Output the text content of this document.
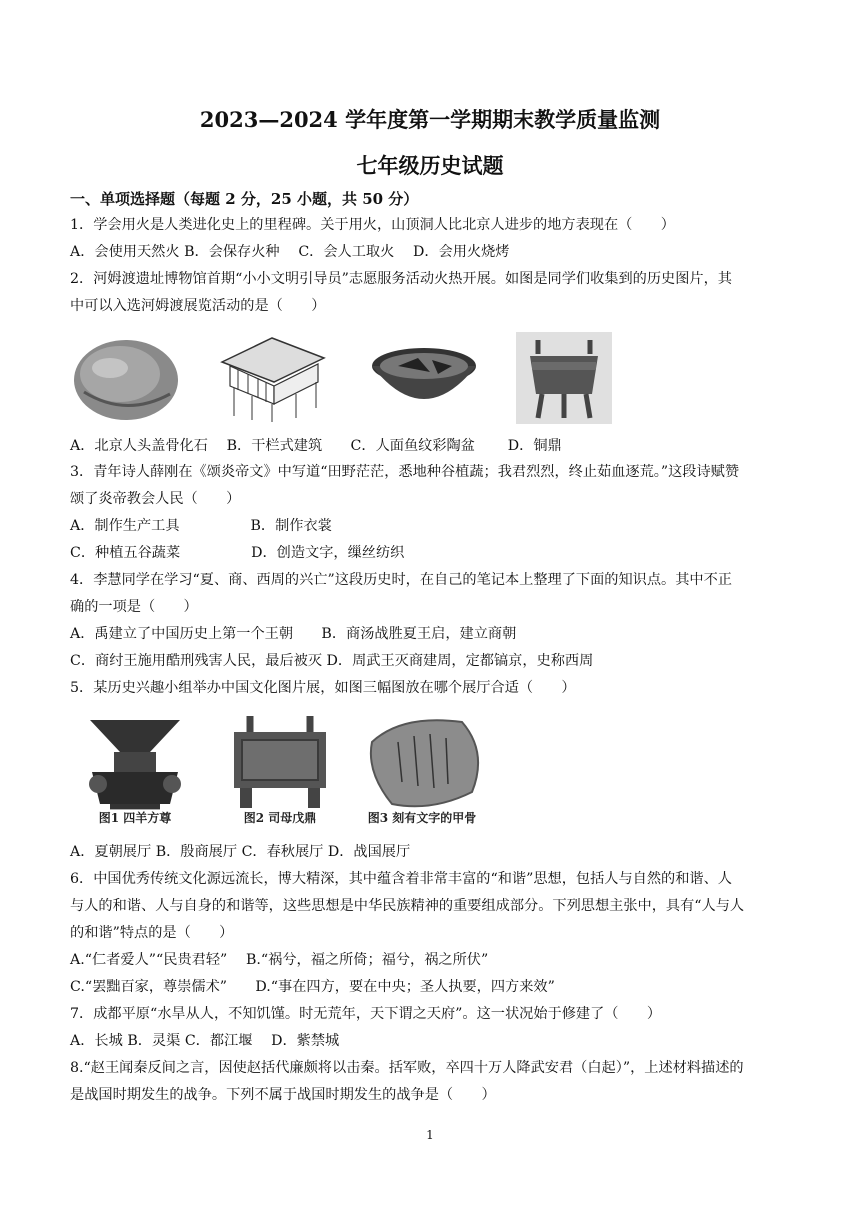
2023—2024 学年度第一学期期末教学质量监测
七年级历史试题
一、单项选择题（每题 2 分，25 小题，共 50 分）
1．学会用火是人类进化史上的里程碑。关于用火，山顶洞人比北京人进步的地方表现在（　　）
A．会使用天然火 B．会保存火种　 C．会人工取火　 D．会用火烧烤
2．河姆渡遗址博物馆首期“小小文明引导员”志愿服务活动火热开展。如图是同学们收集到的历史图片，其
中可以入选河姆渡展览活动的是（　　）
A．北京人头盖骨化石　 B．干栏式建筑　　C．人面鱼纹彩陶盆　　 D．铜鼎
3．青年诗人薛刚在《颂炎帝文》中写道“田野茫茫，悉地种谷植蔬；我君烈烈，终止茹血逐荒。”这段诗赋赞
颂了炎帝教会人民（　　）
A．制作生产工具　　　　　B．制作衣裳
C．种植五谷蔬菜　　　　　D．创造文字，缫丝纺织
4．李慧同学在学习“夏、商、西周的兴亡”这段历史时，在自己的笔记本上整理了下面的知识点。其中不正
确的一项是（　　）
A．禹建立了中国历史上第一个王朝　　B．商汤战胜夏王启，建立商朝
C．商纣王施用酷刑残害人民，最后被灭 D．周武王灭商建周，定都镐京，史称西周
5．某历史兴趣小组举办中国文化图片展，如图三幅图放在哪个展厅合适（　　）
图1 四羊方尊	图2 司母戊鼎	图3 刻有文字的甲骨
A．夏朝展厅 B．殷商展厅 C．春秋展厅 D．战国展厅
6．中国优秀传统文化源远流长，博大精深，其中蕴含着非常丰富的“和谐”思想，包括人与自然的和谐、人
与人的和谐、人与自身的和谐等，这些思想是中华民族精神的重要组成部分。下列思想主张中，具有“人与人
的和谐”特点的是（　　）
A.“仁者爱人”“民贵君轻”　 B.“祸兮，福之所倚；福兮，祸之所伏”
C.“罢黜百家，尊崇儒术”　　D.“事在四方，要在中央；圣人执要，四方来效”
7．成都平原“水旱从人，不知饥馑。时无荒年，天下谓之天府”。这一状况始于修建了（　　）
A．长城 B．灵渠 C．都江堰　 D．紫禁城
8.“赵王闻秦反间之言，因使赵括代廉颇将以击秦。括军败，卒四十万人降武安君（白起）”，上述材料描述的
是战国时期发生的战争。下列不属于战国时期发生的战争是（　　）
1
